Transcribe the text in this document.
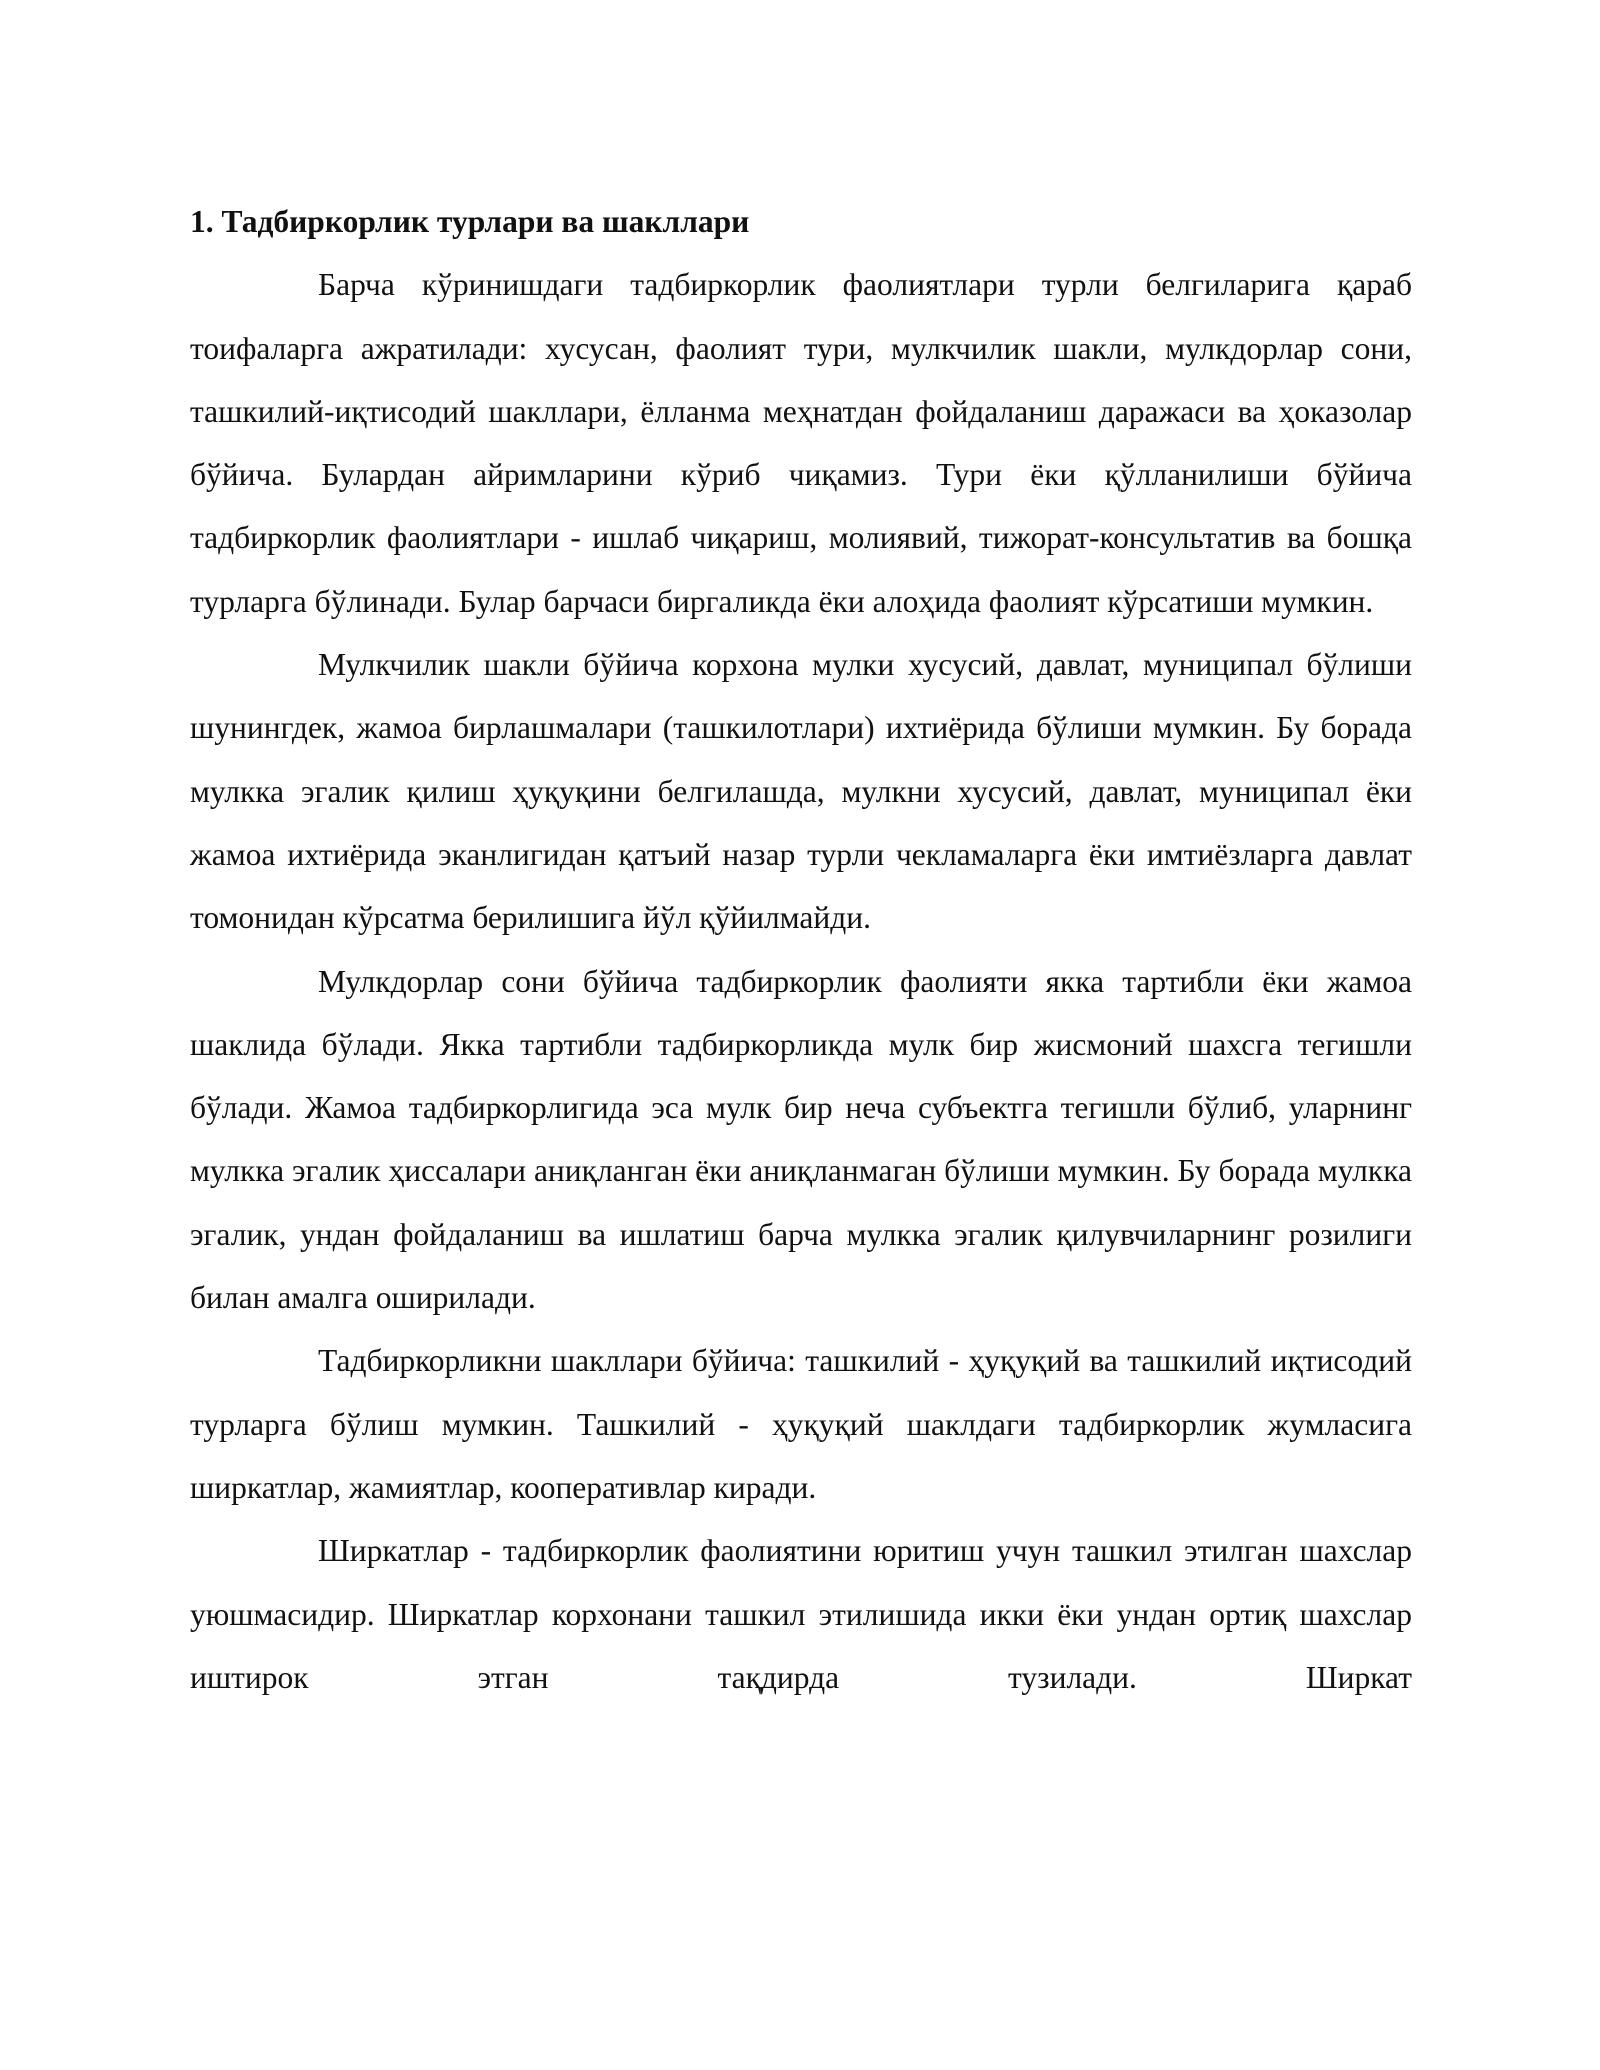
1. Тадбиркорлик турлари ва шакллари

Барча кўринишдаги тадбиркорлик фаолиятлари турли белгиларига қараб тоифаларга ажратилади: хусусан, фаолият тури, мулкчилик шакли, мулкдорлар сони, ташкилий-иқтисодий шакллари, ёлланма меҳнатдан фойдаланиш даражаси ва ҳоказолар бўйича. Булардан айримларини кўриб чиқамиз. Тури ёки қўлланилиши бўйича тадбиркорлик фаолиятлари - ишлаб чиқариш, молиявий, тижорат-консультатив ва бошқа турларга бўлинади. Булар барчаси биргаликда ёки алоҳида фаолият кўрсатиши мумкин.

Мулкчилик шакли бўйича корхона мулки хусусий, давлат, муниципал бўлиши шунингдек, жамоа бирлашмалари (ташкилотлари) ихтиёрида бўлиши мумкин. Бу борада мулкка эгалик қилиш ҳуқуқини белгилашда, мулкни хусусий, давлат, муниципал ёки жамоа ихтиёрида эканлигидан қатъий назар турли чекламаларга ёки имтиёзларга давлат томонидан кўрсатма берилишига йўл қўйилмайди.

Мулкдорлар сони бўйича тадбиркорлик фаолияти якка тартибли ёки жамоа шаклида бўлади. Якка тартибли тадбиркорликда мулк бир жисмоний шахсга тегишли бўлади. Жамоа тадбиркорлигида эса мулк бир неча субъектга тегишли бўлиб, уларнинг мулкка эгалик ҳиссалари аниқланган ёки аниқланмаган бўлиши мумкин. Бу борада мулкка эгалик, ундан фойдаланиш ва ишлатиш барча мулкка эгалик қилувчиларнинг розилиги билан амалга оширилади.

Тадбиркорликни шакллари бўйича: ташкилий - ҳуқуқий ва ташкилий иқтисодий турларга бўлиш мумкин. Ташкилий - ҳуқуқий шаклдаги тадбиркорлик жумласига ширкатлар, жамиятлар, кооперативлар киради.

Ширкатлар - тадбиркорлик фаолиятини юритиш учун ташкил этилган шахслар уюшмасидир. Ширкатлар корхонани ташкил этилишида икки ёки ундан ортиқ шахслар иштирок этган тақдирда тузилади. Ширкат
